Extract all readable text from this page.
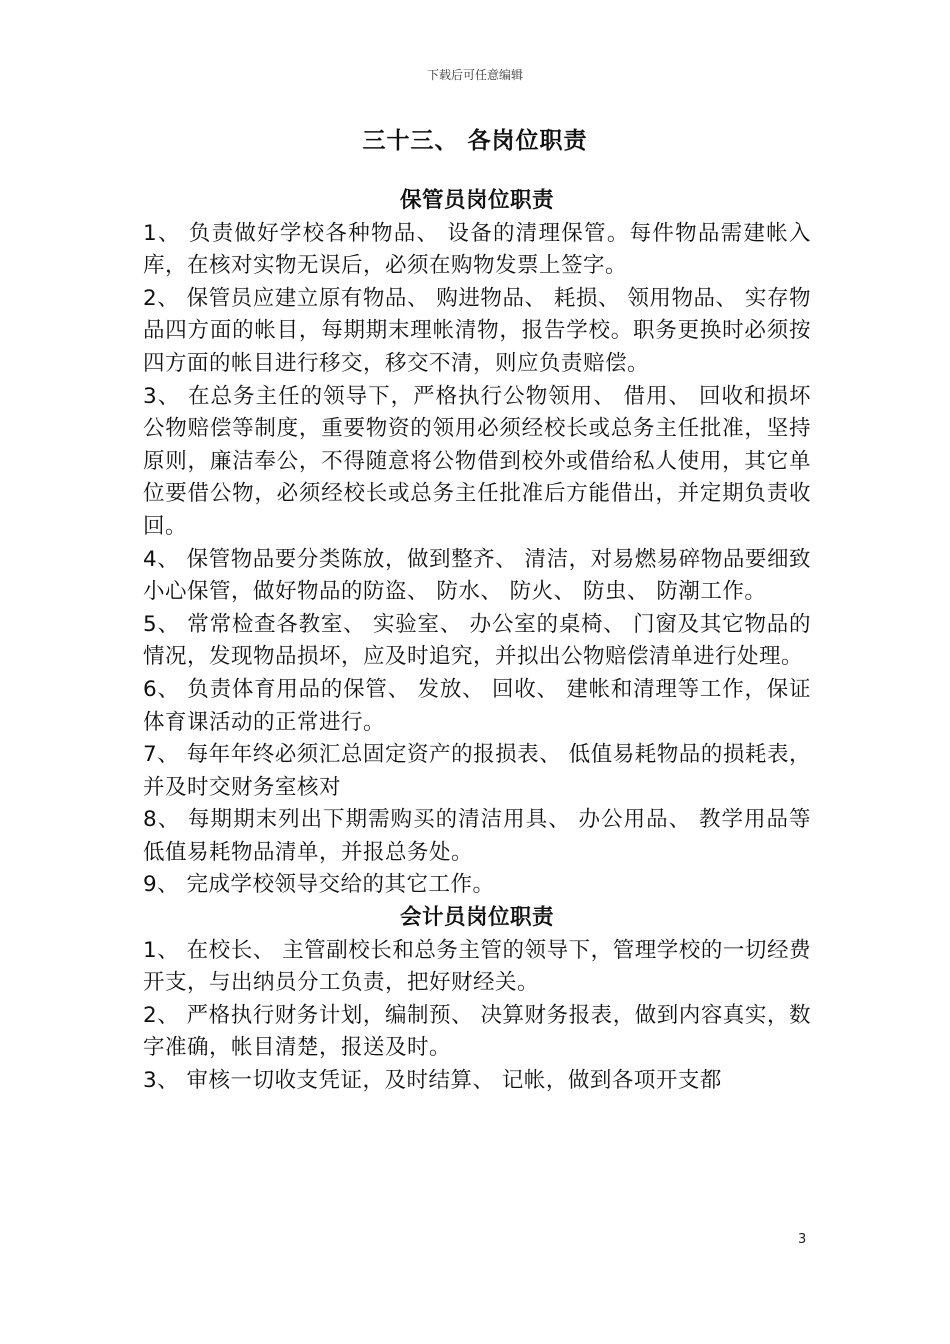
下载后可任意编辑
三十三、 各岗位职责
保管员岗位职责

1、 负责做好学校各种物品、 设备的清理保管。每件物品需建帐入库，在核对实物无误后，必须在购物发票上签字。

2、 保管员应建立原有物品、 购进物品、 耗损、 领用物品、 实存物品四方面的帐目，每期期末理帐清物，报告学校。职务更换时必须按四方面的帐目进行移交，移交不清，则应负责赔偿。

3、 在总务主任的领导下，严格执行公物领用、 借用、 回收和损坏公物赔偿等制度，重要物资的领用必须经校长或总务主任批准，坚持原则，廉洁奉公，不得随意将公物借到校外或借给私人使用，其它单位要借公物，必须经校长或总务主任批准后方能借出，并定期负责收回。

4、 保管物品要分类陈放，做到整齐、 清洁，对易燃易碎物品要细致小心保管，做好物品的防盗、 防水、 防火、 防虫、 防潮工作。

5、 常常检查各教室、 实验室、 办公室的桌椅、 门窗及其它物品的情况，发现物品损坏，应及时追究，并拟出公物赔偿清单进行处理。

6、 负责体育用品的保管、 发放、 回收、 建帐和清理等工作，保证体育课活动的正常进行。

7、 每年年终必须汇总固定资产的报损表、 低值易耗物品的损耗表，并及时交财务室核对

8、 每期期末列出下期需购买的清洁用具、 办公用品、 教学用品等低值易耗物品清单，并报总务处。

9、 完成学校领导交给的其它工作。

会计员岗位职责

1、 在校长、 主管副校长和总务主管的领导下，管理学校的一切经费开支，与出纳员分工负责，把好财经关。

2、 严格执行财务计划，编制预、 决算财务报表，做到内容真实，数字准确，帐目清楚，报送及时。

3、 审核一切收支凭证，及时结算、 记帐，做到各项开支都

3
